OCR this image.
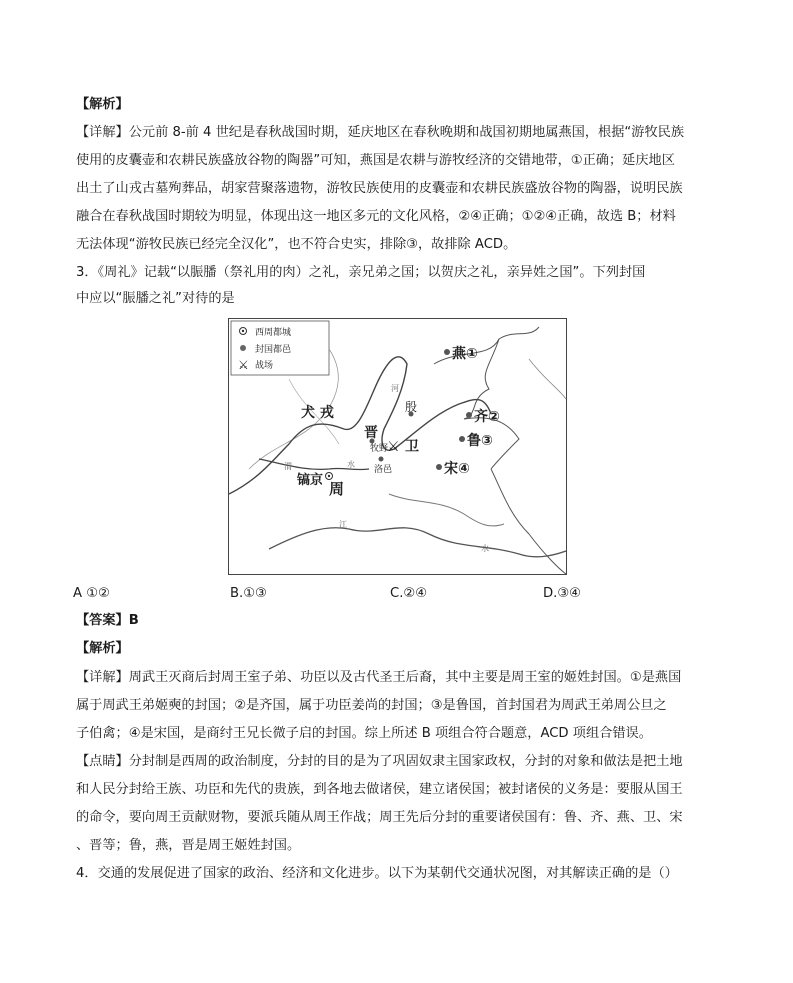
【解析】
【详解】公元前 8-前 4 世纪是春秋战国时期，延庆地区在春秋晚期和战国初期地属燕国，根据“游牧民族
使用的皮囊壶和农耕民族盛放谷物的陶器”可知，燕国是农耕与游牧经济的交错地带，①正确；延庆地区
出土了山戎古墓殉葬品，胡家营聚落遗物，游牧民族使用的皮囊壶和农耕民族盛放谷物的陶器，说明民族
融合在春秋战国时期较为明显，体现出这一地区多元的文化风格，②④正确；①②④正确，故选 B；材料
无法体现“游牧民族已经完全汉化”，也不符合史实，排除③，故排除 ACD。
3．《周礼》记载“以脤膰（祭礼用的肉）之礼，亲兄弟之国；以贺庆之礼，亲异姓之国”。下列封国
中应以“脤膰之礼”对待的是
西周都城
封国都邑
⚔ 战场
燕①
齐②
鲁③
宋④
殷
晋
⚔
牧野 卫
洛邑
镐京 周
犬 戎
河
渭	水
江
水
A ①②	B.①③	C.②④	D.③④
【答案】B
【解析】
【详解】周武王灭商后封周王室子弟、功臣以及古代圣王后裔，其中主要是周王室的姬姓封国。①是燕国
属于周武王弟姬奭的封国；②是齐国，属于功臣姜尚的封国；③是鲁国，首封国君为周武王弟周公旦之
子伯禽；④是宋国，是商纣王兄长微子启的封国。综上所述 B 项组合符合题意，ACD 项组合错误。
【点睛】分封制是西周的政治制度，分封的目的是为了巩固奴隶主国家政权，分封的对象和做法是把土地
和人民分封给王族、功臣和先代的贵族，到各地去做诸侯，建立诸侯国；被封诸侯的义务是：要服从国王
的命令，要向周王贡献财物，要派兵随从周王作战；周王先后分封的重要诸侯国有：鲁、齐、燕、卫、宋
、晋等；鲁，燕，晋是周王姬姓封国。
4．交通的发展促进了国家的政治、经济和文化进步。以下为某朝代交通状况图，对其解读正确的是（）
